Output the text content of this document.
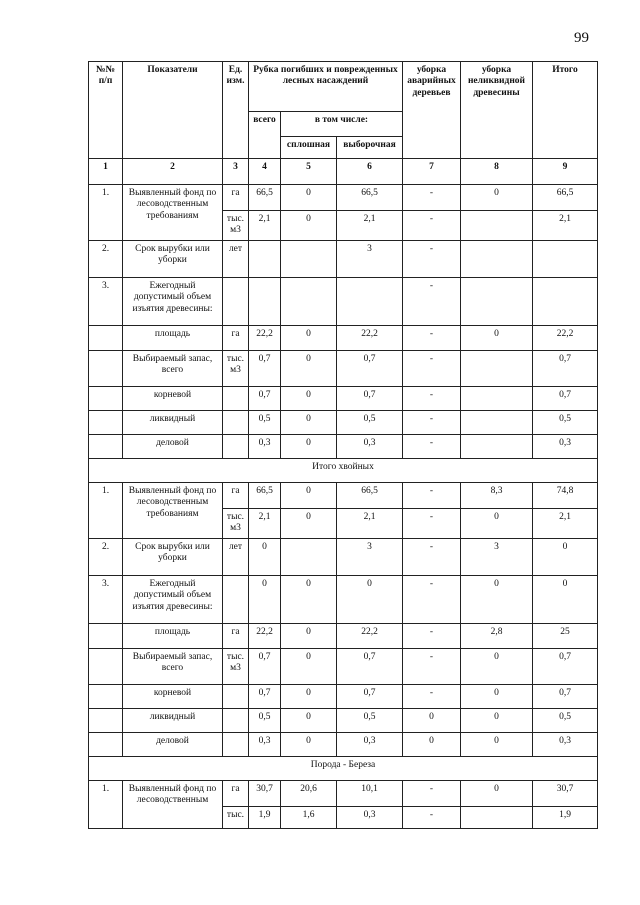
99
№№ п/п	Показатели	Ед. изм.	Рубка погибших и поврежденных лесных насаждений			уборка аварийных деревьев	уборка неликвидной древесины	Итого
			всего	в том числе:				
				сплошная	выборочная			
1	2	3	4	5	6	7	8	9
1.	Выявленный фонд по лесоводственным требованиям	га	66,5	0	66,5	-	0	66,5
		тыс. м3	2,1	0	2,1	-		2,1
2.	Срок вырубки или уборки	лет			3	-		
3.	Ежегодный допустимый объем изъятия древесины:					-		
	площадь	га	22,2	0	22,2	-	0	22,2
	Выбираемый запас, всего	тыс. м3	0,7	0	0,7	-		0,7
	корневой		0,7	0	0,7	-		0,7
	ликвидный		0,5	0	0,5	-		0,5
	деловой		0,3	0	0,3	-		0,3
Итого хвойных								
1.	Выявленный фонд по лесоводственным требованиям	га	66,5	0	66,5	-	8,3	74,8
		тыс. м3	2,1	0	2,1	-	0	2,1
2.	Срок вырубки или уборки	лет	0		3	-	3	0
3.	Ежегодный допустимый объем изъятия древесины:		0	0	0	-	0	0
	площадь	га	22,2	0	22,2	-	2,8	25
	Выбираемый запас, всего	тыс. м3	0,7	0	0,7	-	0	0,7
	корневой		0,7	0	0,7	-	0	0,7
	ликвидный		0,5	0	0,5	0	0	0,5
	деловой		0,3	0	0,3	0	0	0,3
Порода - Береза								
1.	Выявленный фонд по лесоводственным	га	30,7	20,6	10,1	-	0	30,7
		тыс.	1,9	1,6	0,3	-		1,9
